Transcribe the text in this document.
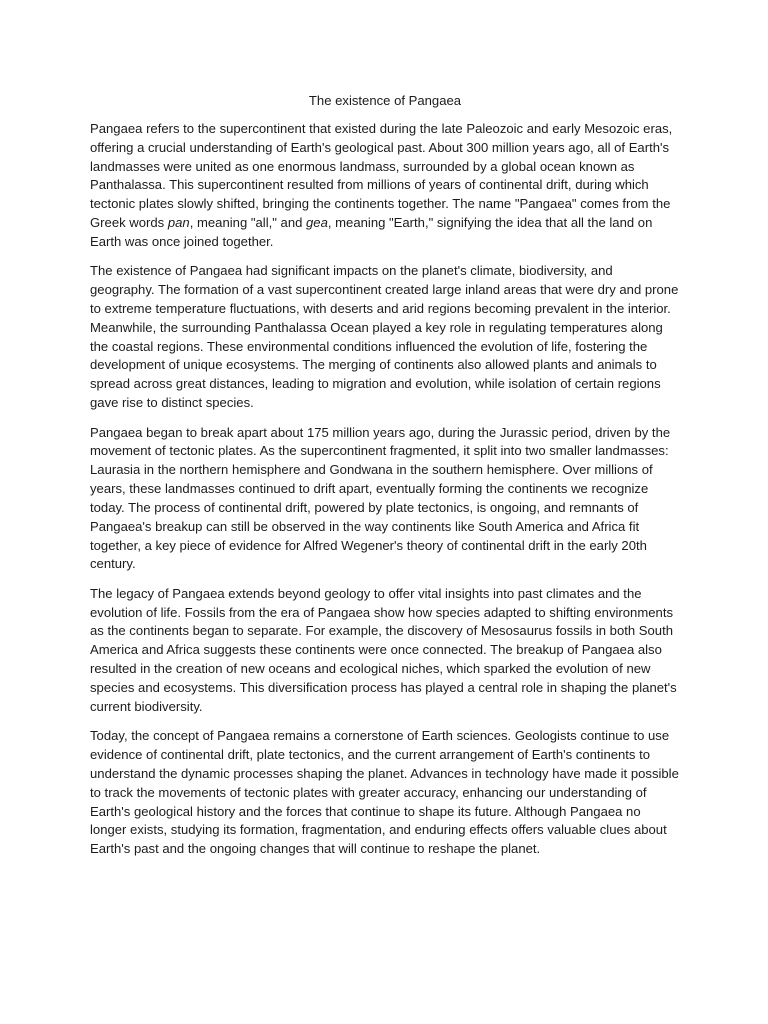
The existence of Pangaea

Pangaea refers to the supercontinent that existed during the late Paleozoic and early Mesozoic eras, offering a crucial understanding of Earth's geological past. About 300 million years ago, all of Earth's landmasses were united as one enormous landmass, surrounded by a global ocean known as Panthalassa. This supercontinent resulted from millions of years of continental drift, during which tectonic plates slowly shifted, bringing the continents together. The name "Pangaea" comes from the Greek words pan, meaning "all," and gea, meaning "Earth," signifying the idea that all the land on Earth was once joined together.

The existence of Pangaea had significant impacts on the planet's climate, biodiversity, and geography. The formation of a vast supercontinent created large inland areas that were dry and prone to extreme temperature fluctuations, with deserts and arid regions becoming prevalent in the interior. Meanwhile, the surrounding Panthalassa Ocean played a key role in regulating temperatures along the coastal regions. These environmental conditions influenced the evolution of life, fostering the development of unique ecosystems. The merging of continents also allowed plants and animals to spread across great distances, leading to migration and evolution, while isolation of certain regions gave rise to distinct species.

Pangaea began to break apart about 175 million years ago, during the Jurassic period, driven by the movement of tectonic plates. As the supercontinent fragmented, it split into two smaller landmasses: Laurasia in the northern hemisphere and Gondwana in the southern hemisphere. Over millions of years, these landmasses continued to drift apart, eventually forming the continents we recognize today. The process of continental drift, powered by plate tectonics, is ongoing, and remnants of Pangaea's breakup can still be observed in the way continents like South America and Africa fit together, a key piece of evidence for Alfred Wegener's theory of continental drift in the early 20th century.

The legacy of Pangaea extends beyond geology to offer vital insights into past climates and the evolution of life. Fossils from the era of Pangaea show how species adapted to shifting environments as the continents began to separate. For example, the discovery of Mesosaurus fossils in both South America and Africa suggests these continents were once connected. The breakup of Pangaea also resulted in the creation of new oceans and ecological niches, which sparked the evolution of new species and ecosystems. This diversification process has played a central role in shaping the planet's current biodiversity.

Today, the concept of Pangaea remains a cornerstone of Earth sciences. Geologists continue to use evidence of continental drift, plate tectonics, and the current arrangement of Earth's continents to understand the dynamic processes shaping the planet. Advances in technology have made it possible to track the movements of tectonic plates with greater accuracy, enhancing our understanding of Earth's geological history and the forces that continue to shape its future. Although Pangaea no longer exists, studying its formation, fragmentation, and enduring effects offers valuable clues about Earth's past and the ongoing changes that will continue to reshape the planet.
